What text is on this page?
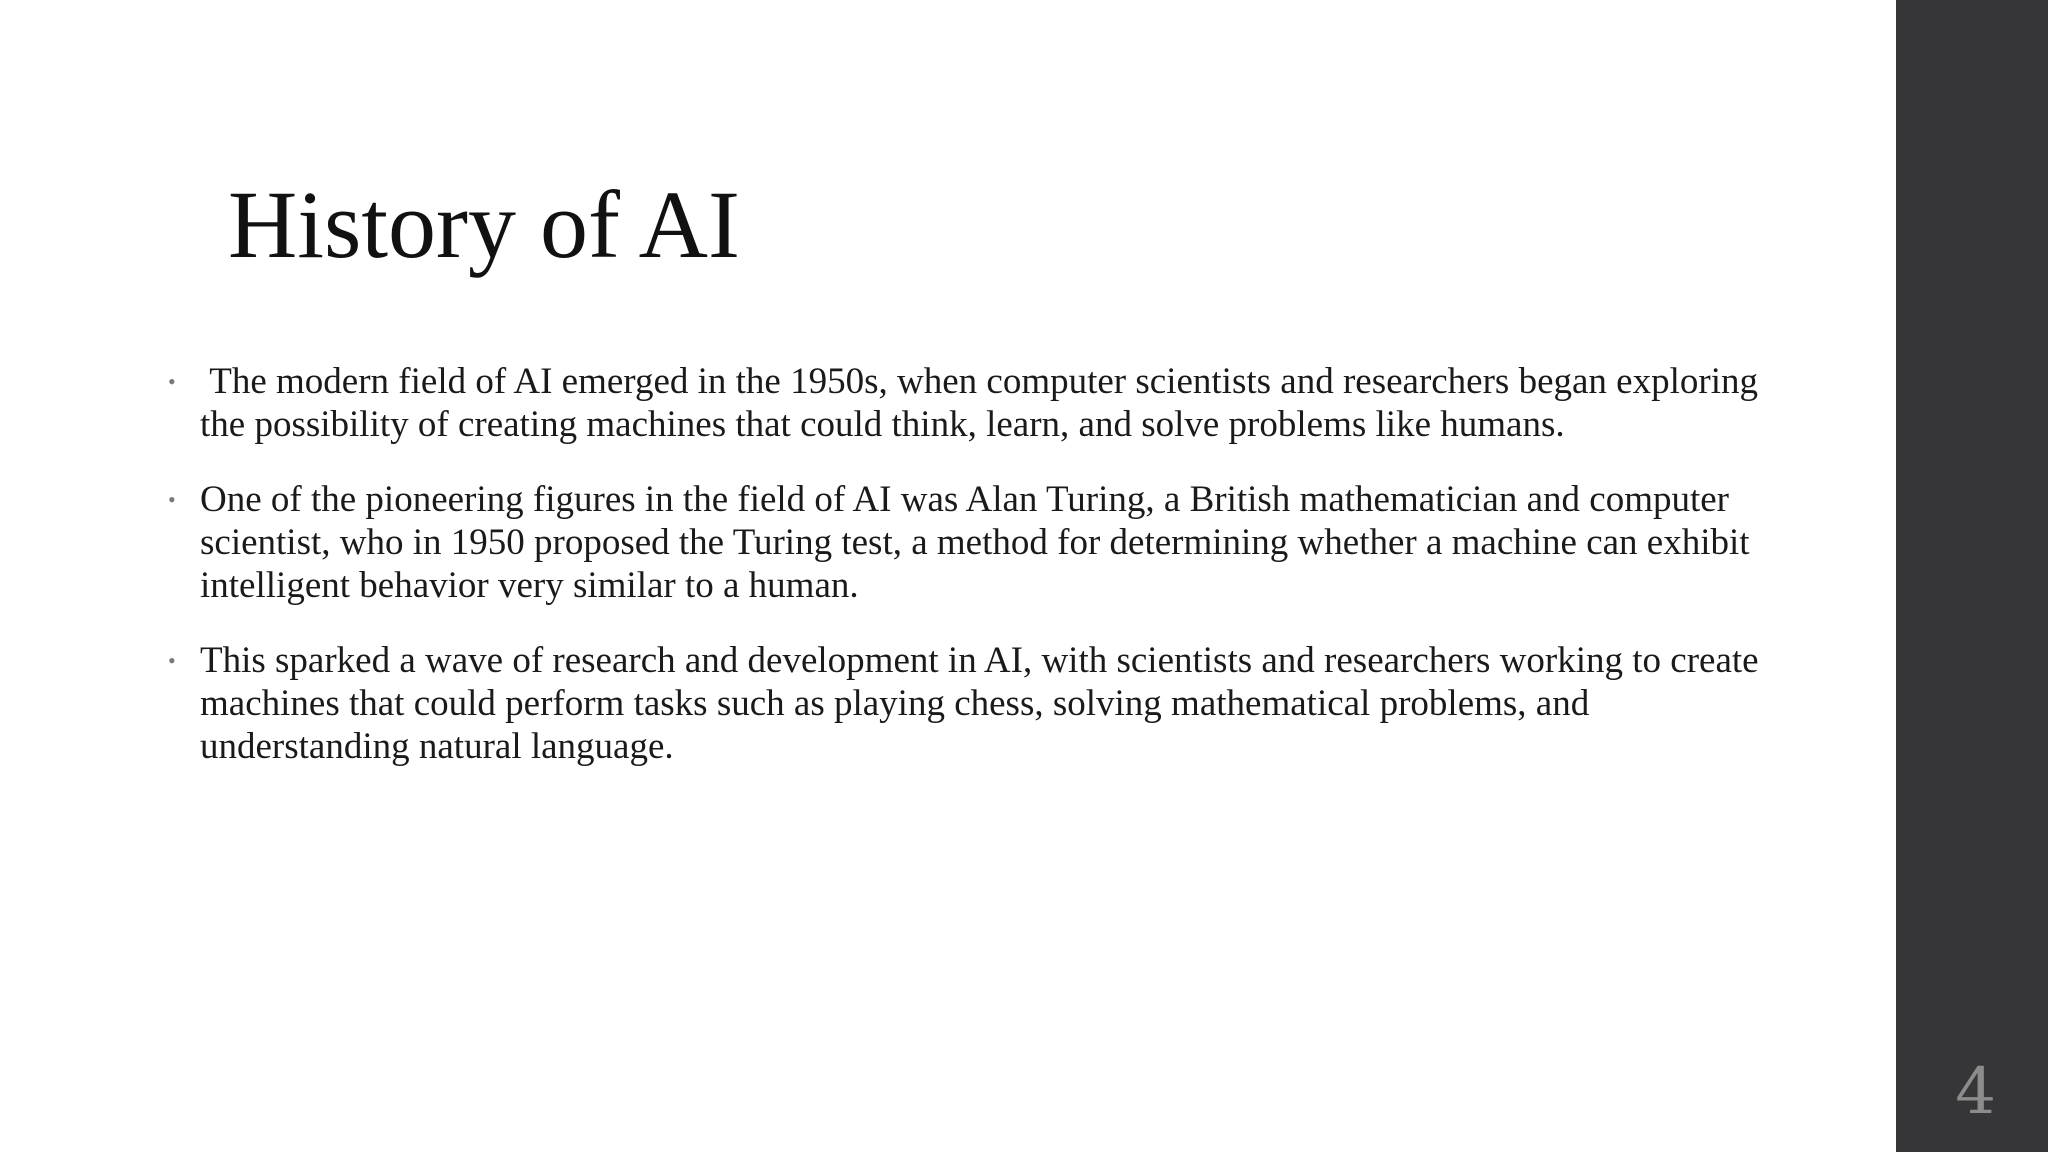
History of AI
• The modern field of AI emerged in the 1950s, when computer scientists and researchers began exploring the possibility of creating machines that could think, learn, and solve problems like humans.
• One of the pioneering figures in the field of AI was Alan Turing, a British mathematician and computer scientist, who in 1950 proposed the Turing test, a method for determining whether a machine can exhibit intelligent behavior very similar to a human.
• This sparked a wave of research and development in AI, with scientists and researchers working to create machines that could perform tasks such as playing chess, solving mathematical problems, and understanding natural language.
4
